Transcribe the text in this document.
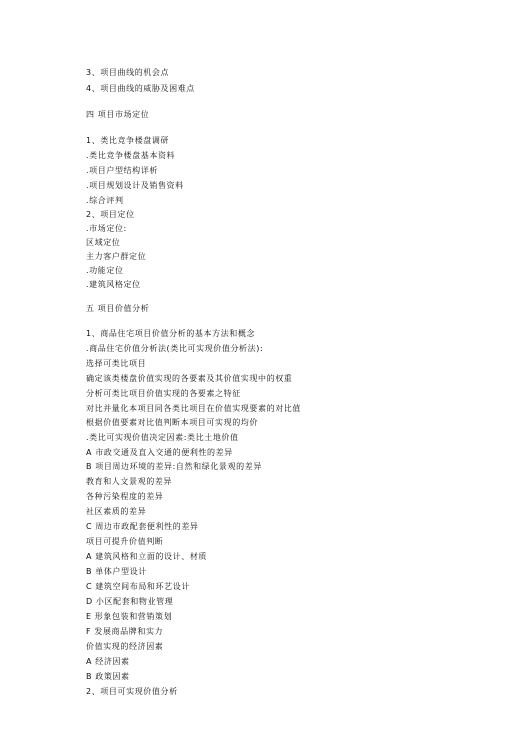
3、项目曲线的机会点
4、项目曲线的威胁及困难点
四 项目市场定位
1、类比竞争楼盘调研
.类比竞争楼盘基本资料
.项目户型结构详析
.项目规划设计及销售资料
.综合评判
2、项目定位
.市场定位:
区域定位
主力客户群定位
.功能定位
.建筑风格定位
五 项目价值分析
1、商品住宅项目价值分析的基本方法和概念
.商品住宅价值分析法(类比可实现价值分析法):
选择可类比项目
确定该类楼盘价值实现的各要素及其价值实现中的权重
分析可类比项目价值实现的各要素之特征
对比并量化本项目同各类比项目在价值实现要素的对比值
根据价值要素对比值判断本项目可实现的均价
.类比可实现价值决定因素:类比土地价值
A 市政交通及直入交通的便利性的差异
B 项目周边环境的差异:自然和绿化景观的差异
教育和人文景观的差异
各种污染程度的差异
社区素质的差异
C 周边市政配套便利性的差异
项目可提升价值判断
A 建筑风格和立面的设计、材质
B 单体户型设计
C 建筑空间布局和环艺设计
D 小区配套和物业管理
E 形象包装和营销策划
F 发展商品牌和实力
价值实现的经济因素
A 经济因素
B 政策因素
2、项目可实现价值分析
